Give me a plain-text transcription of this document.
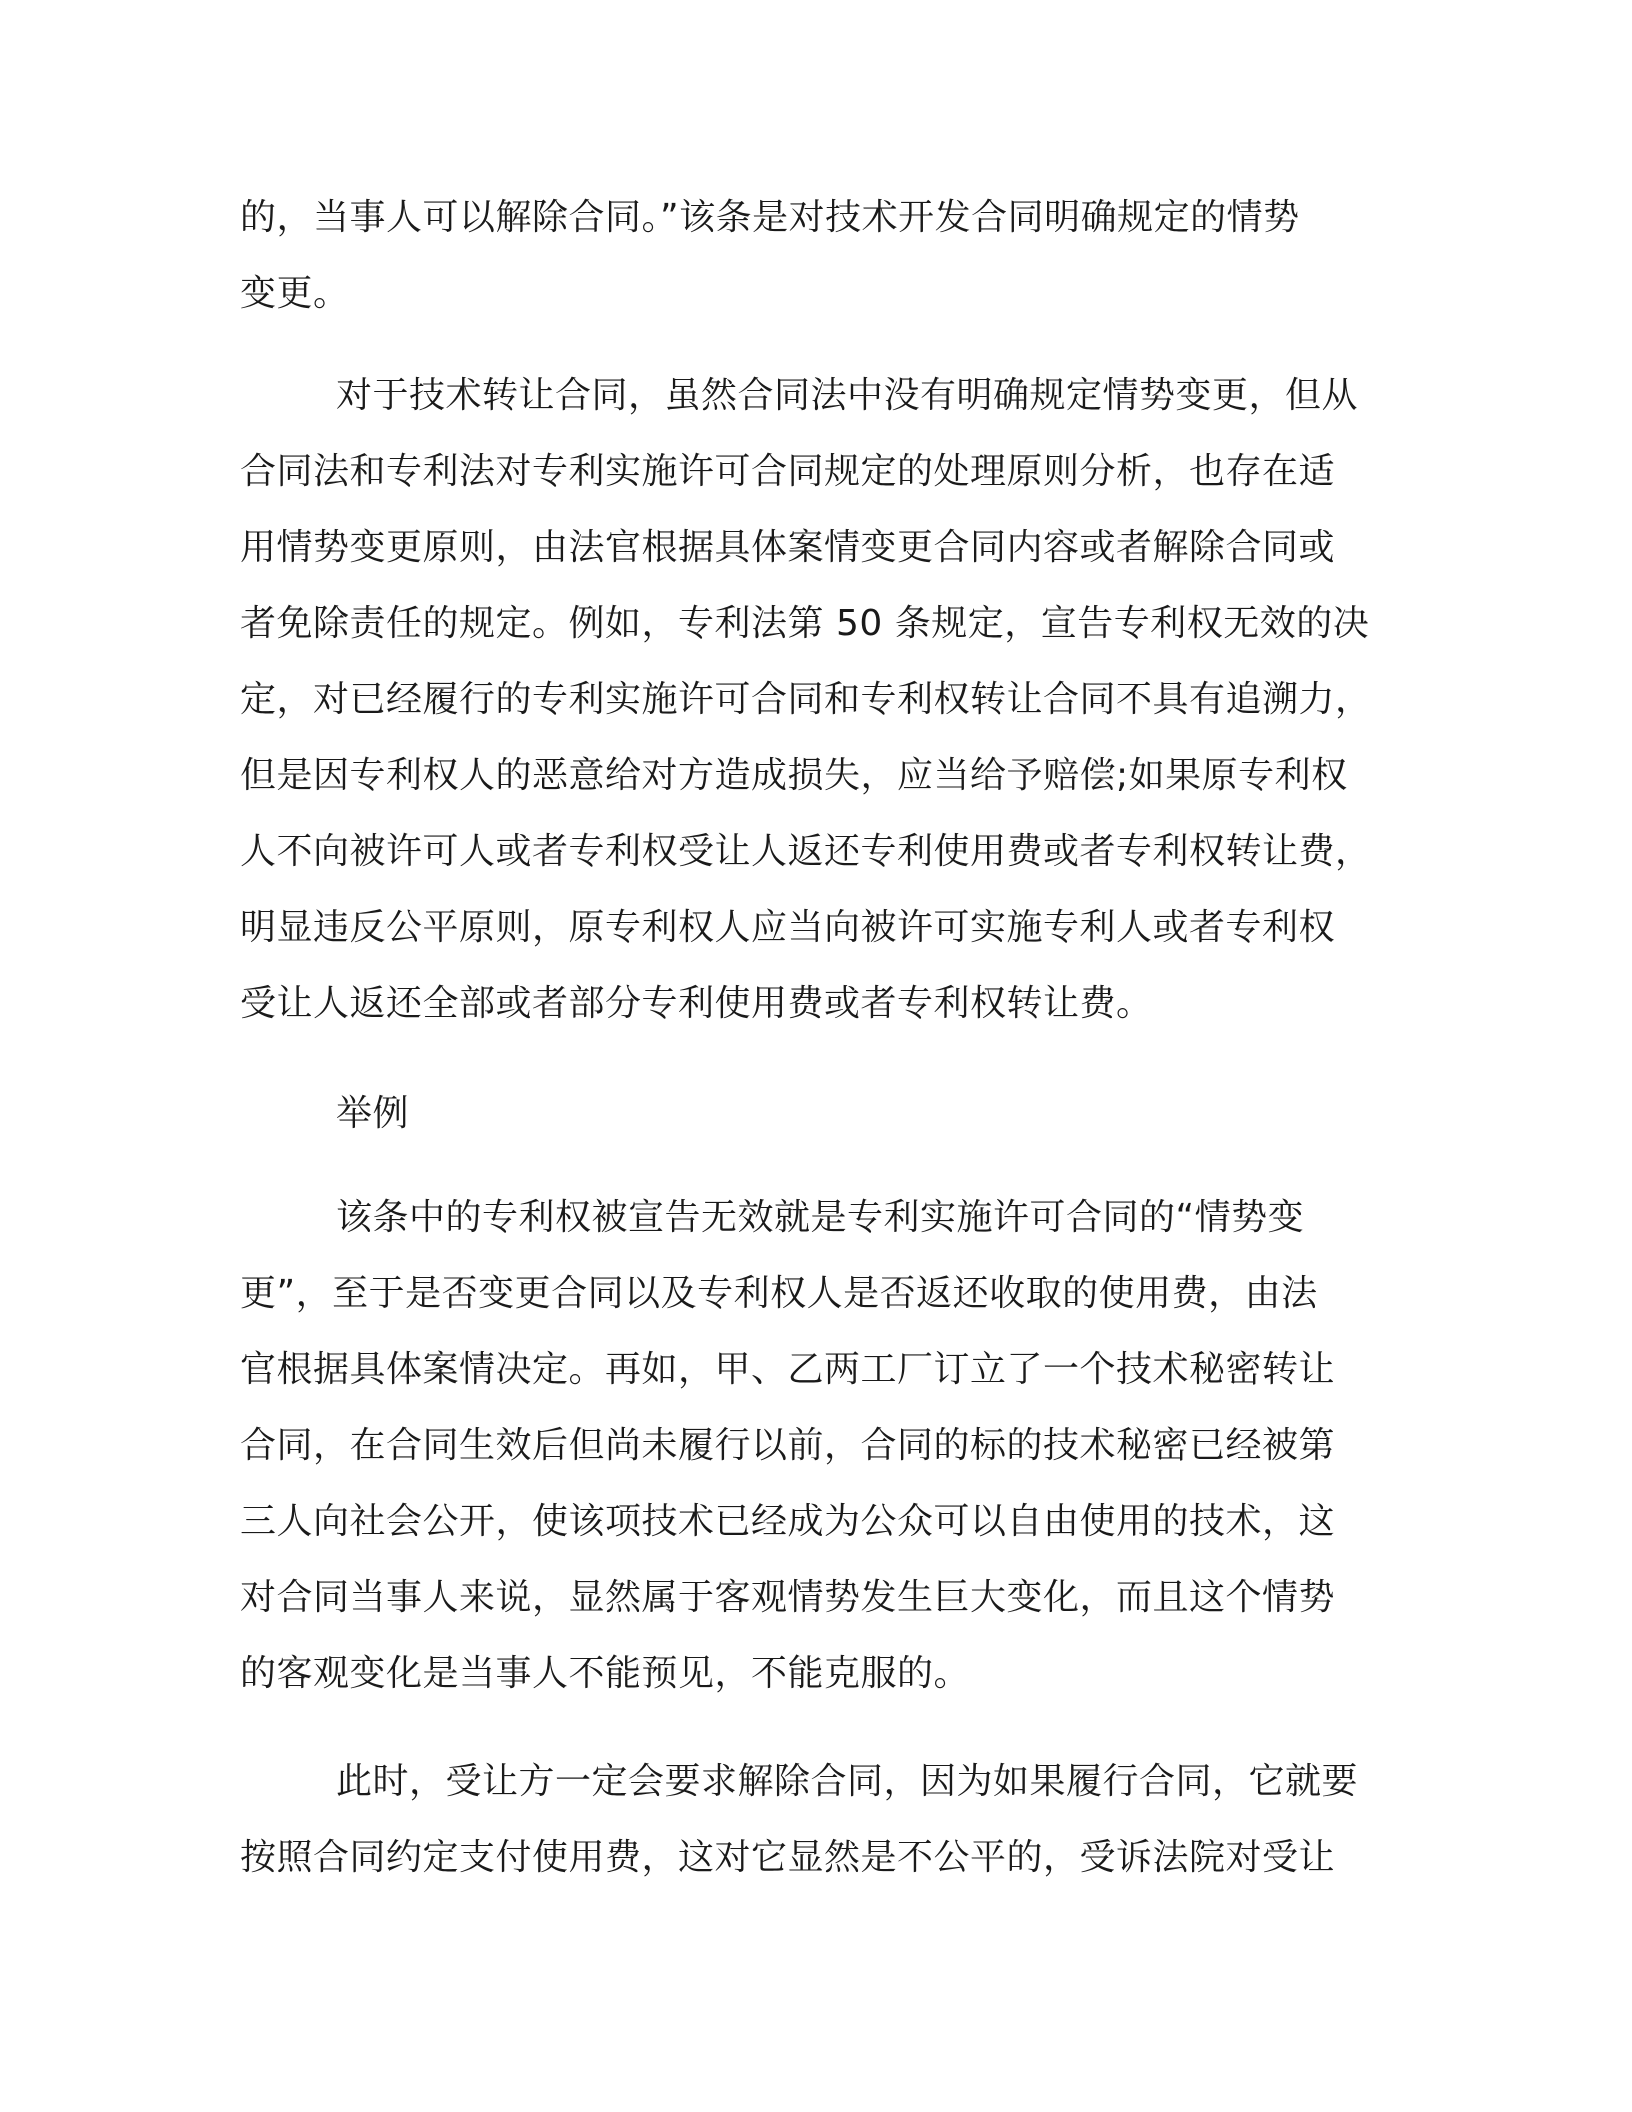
的，当事人可以解除合同。”该条是对技术开发合同明确规定的情势
变更。
对于技术转让合同，虽然合同法中没有明确规定情势变更，但从
合同法和专利法对专利实施许可合同规定的处理原则分析，也存在适
用情势变更原则，由法官根据具体案情变更合同内容或者解除合同或
者免除责任的规定。例如，专利法第 50 条规定，宣告专利权无效的决
定，对已经履行的专利实施许可合同和专利权转让合同不具有追溯力，
但是因专利权人的恶意给对方造成损失，应当给予赔偿;如果原专利权
人不向被许可人或者专利权受让人返还专利使用费或者专利权转让费，
明显违反公平原则，原专利权人应当向被许可实施专利人或者专利权
受让人返还全部或者部分专利使用费或者专利权转让费。
举例
该条中的专利权被宣告无效就是专利实施许可合同的“情势变
更”，至于是否变更合同以及专利权人是否返还收取的使用费，由法
官根据具体案情决定。再如，甲、乙两工厂订立了一个技术秘密转让
合同，在合同生效后但尚未履行以前，合同的标的技术秘密已经被第
三人向社会公开，使该项技术已经成为公众可以自由使用的技术，这
对合同当事人来说，显然属于客观情势发生巨大变化，而且这个情势
的客观变化是当事人不能预见，不能克服的。
此时，受让方一定会要求解除合同，因为如果履行合同，它就要
按照合同约定支付使用费，这对它显然是不公平的，受诉法院对受让
